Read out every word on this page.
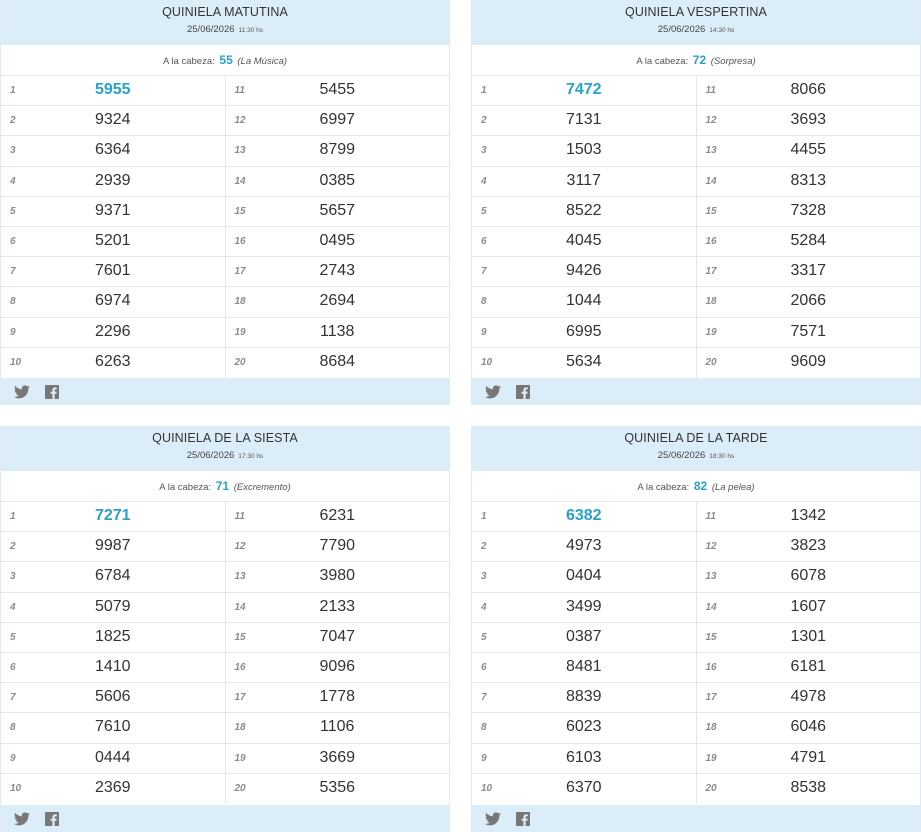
QUINIELA MATUTINA
25/06/2026 11:30 hs
A la cabeza: 55 (La Música)
1	5955
2	9324
3	6364
4	2939
5	9371
6	5201
7	7601
8	6974
9	2296
10	6263
11	5455
12	6997
13	8799
14	0385
15	5657
16	0495
17	2743
18	2694
19	1138
20	8684
QUINIELA VESPERTINA
25/06/2026 14:30 hs
A la cabeza: 72 (Sorpresa)
1	7472
2	7131
3	1503
4	3117
5	8522
6	4045
7	9426
8	1044
9	6995
10	5634
11	8066
12	3693
13	4455
14	8313
15	7328
16	5284
17	3317
18	2066
19	7571
20	9609
QUINIELA DE LA SIESTA
25/06/2026 17:30 hs
A la cabeza: 71 (Excremento)
1	7271
2	9987
3	6784
4	5079
5	1825
6	1410
7	5606
8	7610
9	0444
10	2369
11	6231
12	7790
13	3980
14	2133
15	7047
16	9096
17	1778
18	1106
19	3669
20	5356
QUINIELA DE LA TARDE
25/06/2026 18:30 hs
A la cabeza: 82 (La pelea)
1	6382
2	4973
3	0404
4	3499
5	0387
6	8481
7	8839
8	6023
9	6103
10	6370
11	1342
12	3823
13	6078
14	1607
15	1301
16	6181
17	4978
18	6046
19	4791
20	8538
